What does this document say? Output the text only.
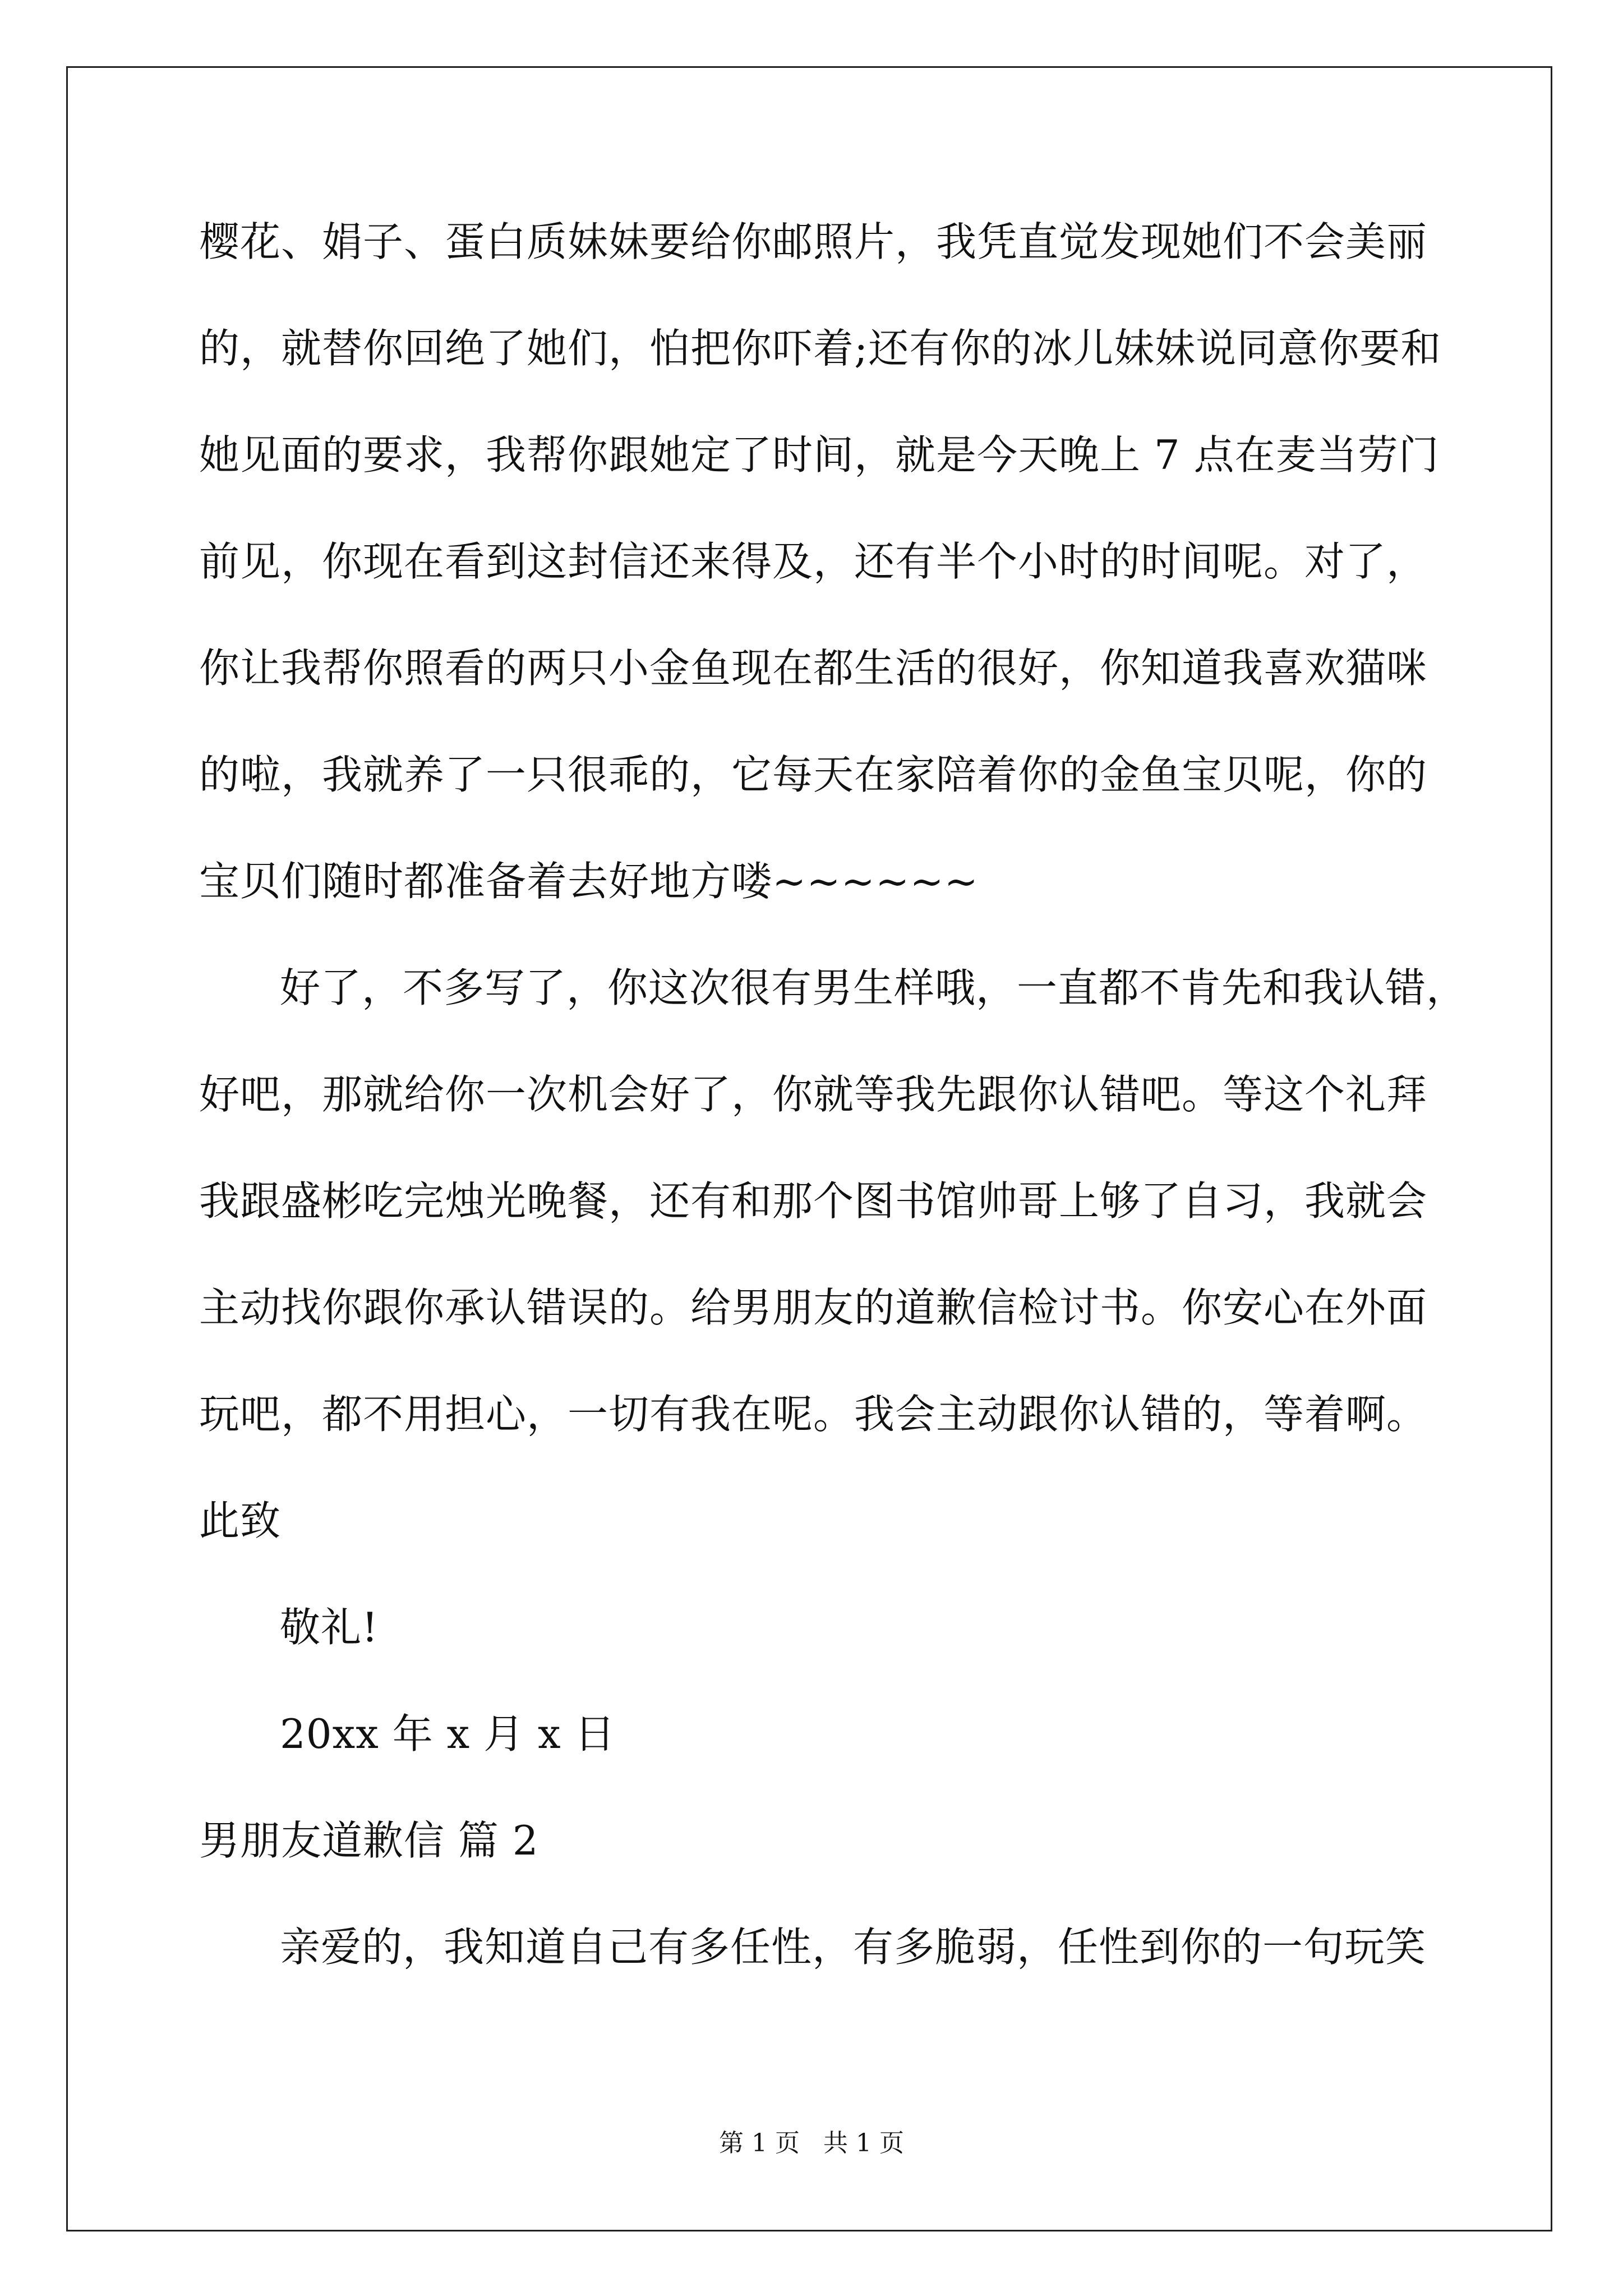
樱花、娟子、蛋白质妹妹要给你邮照片，我凭直觉发现她们不会美丽
的，就替你回绝了她们，怕把你吓着;还有你的冰儿妹妹说同意你要和
她见面的要求，我帮你跟她定了时间，就是今天晚上 7 点在麦当劳门
前见，你现在看到这封信还来得及，还有半个小时的时间呢。对了，
你让我帮你照看的两只小金鱼现在都生活的很好，你知道我喜欢猫咪
的啦，我就养了一只很乖的，它每天在家陪着你的金鱼宝贝呢，你的
宝贝们随时都准备着去好地方喽~~~~~~
好了，不多写了，你这次很有男生样哦，一直都不肯先和我认错，
好吧，那就给你一次机会好了，你就等我先跟你认错吧。等这个礼拜
我跟盛彬吃完烛光晚餐，还有和那个图书馆帅哥上够了自习，我就会
主动找你跟你承认错误的。给男朋友的道歉信检讨书。你安心在外面
玩吧，都不用担心，一切有我在呢。我会主动跟你认错的，等着啊。
此致
敬礼!
20xx 年 x 月 x 日
男朋友道歉信 篇 2
亲爱的，我知道自己有多任性，有多脆弱，任性到你的一句玩笑
第 1 页   共 1 页
